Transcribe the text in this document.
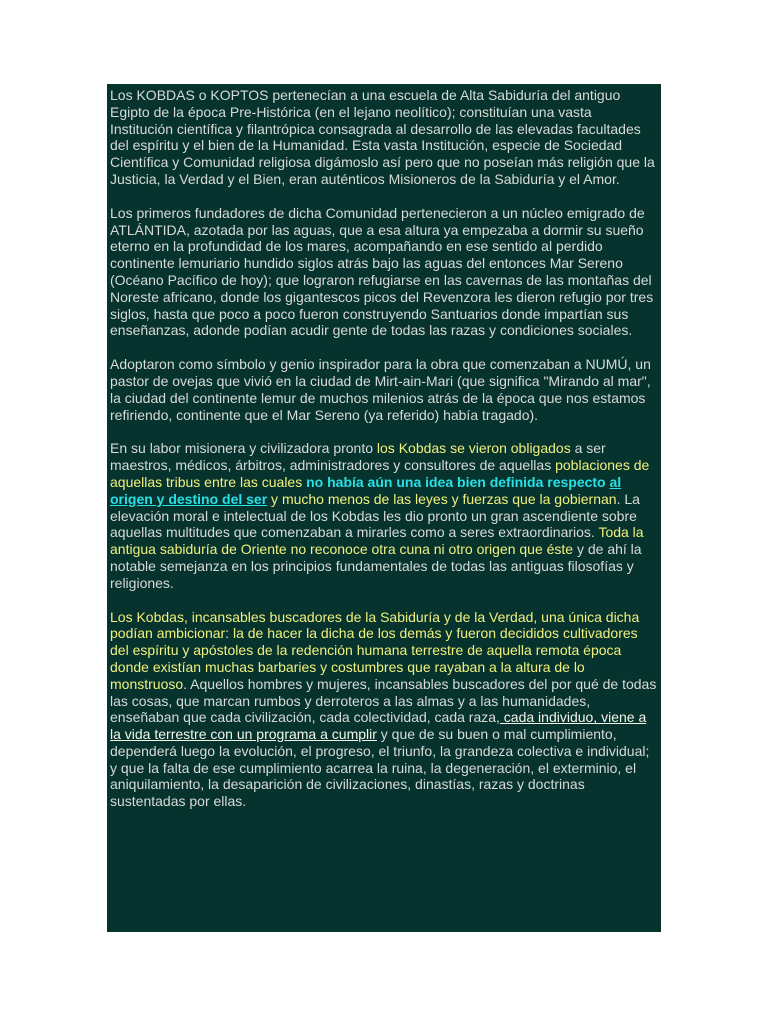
Los KOBDAS o KOPTOS pertenecían a una escuela de Alta Sabiduría del antiguo Egipto de la época Pre-Histórica (en el lejano neolítico); constituían una vasta Institución científica y filantrópica consagrada al desarrollo de las elevadas facultades del espíritu y el bien de la Humanidad. Esta vasta Institución, especie de Sociedad Científica y Comunidad religiosa digámoslo así pero que no poseían más religión que la Justicia, la Verdad y el Bien, eran auténticos Misioneros de la Sabiduría y el Amor.

Los primeros fundadores de dicha Comunidad pertenecieron a un núcleo emigrado de ATLÁNTIDA, azotada por las aguas, que a esa altura ya empezaba a dormir su sueño eterno en la profundidad de los mares, acompañando en ese sentido al perdido continente lemuriario hundido siglos atrás bajo las aguas del entonces Mar Sereno (Océano Pacífico de hoy); que lograron refugiarse en las cavernas de las montañas del Noreste africano, donde los gigantescos picos del Revenzora les dieron refugio por tres siglos, hasta que poco a poco fueron construyendo Santuarios donde impartían sus enseñanzas, adonde podían acudir gente de todas las razas y condiciones sociales.

Adoptaron como símbolo y genio inspirador para la obra que comenzaban a NUMÚ, un pastor de ovejas que vivió en la ciudad de Mirt-ain-Mari (que significa "Mirando al mar", la ciudad del continente lemur de muchos milenios atrás de la época que nos estamos refiriendo, continente que el Mar Sereno (ya referido) había tragado).

En su labor misionera y civilizadora pronto los Kobdas se vieron obligados a ser maestros, médicos, árbitros, administradores y consultores de aquellas poblaciones de aquellas tribus entre las cuales no había aún una idea bien definida respecto al origen y destino del ser y mucho menos de las leyes y fuerzas que la gobiernan. La elevación moral e intelectual de los Kobdas les dio pronto un gran ascendiente sobre aquellas multitudes que comenzaban a mirarles como a seres extraordinarios. Toda la antigua sabiduría de Oriente no reconoce otra cuna ni otro origen que éste y de ahí la notable semejanza en los principios fundamentales de todas las antiguas filosofías y religiones.

Los Kobdas, incansables buscadores de la Sabiduría y de la Verdad, una única dicha podían ambicionar: la de hacer la dicha de los demás y fueron decididos cultivadores del espíritu y apóstoles de la redención humana terrestre de aquella remota época donde existían muchas barbaries y costumbres que rayaban a la altura de lo monstruoso. Aquellos hombres y mujeres, incansables buscadores del por qué de todas las cosas, que marcan rumbos y derroteros a las almas y a las humanidades, enseñaban que cada civilización, cada colectividad, cada raza, cada individuo, viene a la vida terrestre con un programa a cumplir y que de su buen o mal cumplimiento, dependerá luego la evolución, el progreso, el triunfo, la grandeza colectiva e individual; y que la falta de ese cumplimiento acarrea la ruina, la degeneración, el exterminio, el aniquilamiento, la desaparición de civilizaciones, dinastías, razas y doctrinas sustentadas por ellas.
